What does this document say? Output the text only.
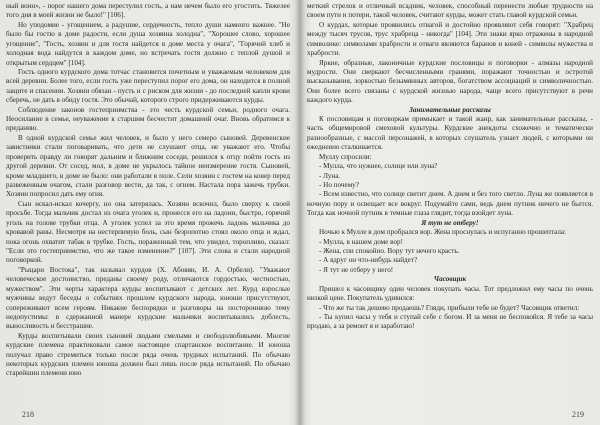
ный воин», - порог нашего дома перестулил гость, а нам нечем было его угостить. Тяжелее того дня в моей жизни не было!" [106].

Но уподомие - угощением, а радушие, сердечность, тепло души намного важнее. "Не было бы гостю в доме радости, если душа хозяина холодна", "Хорошее слово, хорошее угощение", "Гость, хозяин и для гостя найдется в доме места у очага", "Горячий хлеб и холодная вода найдутся в каждом доме, но встречать гостя должно с теплой душой и открытым сердцем" [104].

Гость одного курдского дома тотчас становится почетным и уважаемым человеком для всей деревни. Более того, если гость уже переступил порог его дома, он находится в полной защите и спасении. Хозяин обязан - пусть и с риском для жизни - до последней капли крови сберечь, не дать в обиду гостя. Это обычай, которого строго придерживаются курды.

Соблюдение законов гостеприимства - это честь курдской семьи, родного очага. Неосилание в семье, неуважение к старшим бесчестит домашний очаг. Вновь обратимся к преданию.

В одной курдской семье жил человек, и было у него семеро сыновей. Деревенские завистники стали поговаривать, что дети не слушают отца, не уважают его. Чтобы проверить правду ли говорят дальним и ближним соседи, решился к отцу пойти гость из другой деревни. От сосед, мол, в доме не укрылось тайное неизмерение гостя. Сыновей, кроме младшего, в доме не было: они работали в поле. Сели хозяин с гостем на ковер перед развеженным очагом, стали разговор вести, да так, с огнем. Настала пора зажечь трубки. Хозяин попросил дать ему огня.

Сын искал-искал кочергу, но она затерялась. Хозяин вскочил, было сверху к своей просьбе. Тогда мальчик достал из очага уголек и, пронесся его на ладони, быстро, горячий уголь на голове трубки отца. А уголек успел за это время прожечь ладонь мальчика до кровавой раны. Несмотря на нестерпимую боль, сын безропотно стоял около отца и ждал, пока огонь охватит табак в трубке. Гость, пораженный тем, что увидел, торопливо, сказал: "Если это гостеприимство, что же такое изменение?" [107]. Эти слова и стали народной поговоркой.

"Рыцари Востока", так называл курдов (Х. Абовян, И. А. Орбели). "Уважают человеческое достоинство, преданы своему роду, отличаются гордостью, честностью, мужеством". Эти черты характера курды воспитывают с детских лет. Курд взрослые мужчины ведут беседы о событиях прошлом курдского народа, юноши присутствуют, сопереживают всем героям. Никакие беспорядки и разговоры на постороннюю тему недопустимы: в сдержанной манере курдские мальчики воспитывались доблесть, выносливость и бесстрашие.

Курды воспитывали своих сыновей людьми смелыми и свободолюбивыми. Многие курдские племена практиковали самое настоящее спартанское воспитание. И юноша получал право стремиться только после ряда очень трудных испытаний. По обычаю некоторых курдских племен юноша должен был лишь после ряда испытаний. По обычаю старейшин племени юно

218

меткий стрелок и отличный всадник, человек, способный перенести любые трудности на своем пути и потери, такой человек, считают курды, может стать главой курдской семьи.

О курдах, которые проявились отвагой и достойно проявляют себя говорят: "Храбрец между тысяч трусов, трус храбреца - никогда" [104]. Эти знаки ярко отражены в народной символике: символами храбрости и отваги являются баранов и коней - символы мужества и храбрости.

Яркие, образные, лаконичные курдские пословицы и поговорки - алмазы народной мудрости. Они сверкают бесчисленными гранями, поражают точностью и остротой высказывания, зоркостью безымянных авторов, богатством ассоциаций и символичностью. Они более всего связаны с курдской жизнью народа, чаще всего присутствуют в речи каждого курда.

Занимательные рассказы

К пословицам и поговоркам примыкает и такой жанр, как занимательные рассказы, - часть общемировой смеховой культуры. Курдские анекдоты схожечно и тематически разнообразные, с массой персонажей, в которых слушатель узнает людей, с которыми он ежедневно сталкивается.

Муллу спросили:

- Мулла, что нужнее, солнце или луна?

- Луна.

- Но почему?

- Всем известно, что солнце светит днем. А днем и без того светло. Луна же появляется в ночную пору и освещает все вокруг. Подумайте сами, ведь днем путник ничего не бьется. Тогда как ночной путник в темные глаза глядит, тогда взойдет луна.

Я тут не отберу!

Ночью к Мулле в дом пробрался вор. Жена проснулась и испуганно прошептала:

- Мулла, в нашем доме вор!

- Жена, спи спокойно. Вору тут нечего красть.

- А вдруг он что-нибудь найдет?

- Я тут не отберу у него!

Часовщик

Пришел к часовщику один человек покупать часы. Тот предложил ему часы по очень низкой цене. Покупатель удивился:

- Что же ты так дешево продаешь? Гляди, прибыли тебе не будет? Часовщик ответил:

- Ты купил часы у тебя и ступай себе с богом. И за меня не беспокойся. Я тебе за часы продаю, а за ремонт я и заработаю!

219
